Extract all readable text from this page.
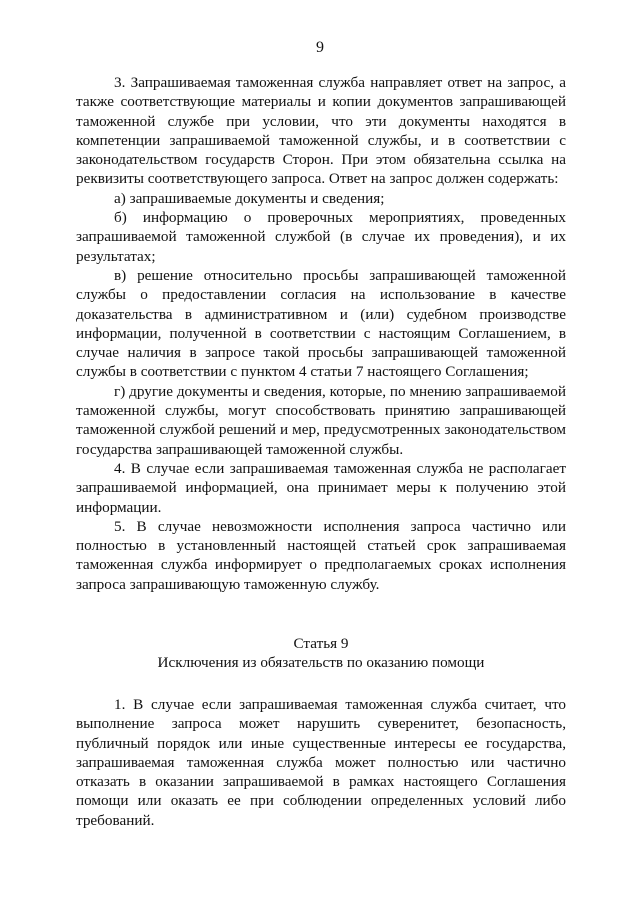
9

3. Запрашиваемая таможенная служба направляет ответ на запрос, а также соответствующие материалы и копии документов запрашивающей таможенной службе при условии, что эти документы находятся в компетенции запрашиваемой таможенной службы, и в соответствии с законодательством государств Сторон. При этом обязательна ссылка на реквизиты соответствующего запроса. Ответ на запрос должен содержать:

а) запрашиваемые документы и сведения;

б) информацию о проверочных мероприятиях, проведенных запрашиваемой таможенной службой (в случае их проведения), и их результатах;

в) решение относительно просьбы запрашивающей таможенной службы о предоставлении согласия на использование в качестве доказательства в административном и (или) судебном производстве информации, полученной в соответствии с настоящим Соглашением, в случае наличия в запросе такой просьбы запрашивающей таможенной службы в соответствии с пунктом 4 статьи 7 настоящего Соглашения;

г) другие документы и сведения, которые, по мнению запрашиваемой таможенной службы, могут способствовать принятию запрашивающей таможенной службой решений и мер, предусмотренных законодательством государства запрашивающей таможенной службы.

4. В случае если запрашиваемая таможенная служба не располагает запрашиваемой информацией, она принимает меры к получению этой информации.

5. В случае невозможности исполнения запроса частично или полностью в установленный настоящей статьей срок запрашиваемая таможенная служба информирует о предполагаемых сроках исполнения запроса запрашивающую таможенную службу.

Статья 9

Исключения из обязательств по оказанию помощи

1. В случае если запрашиваемая таможенная служба считает, что выполнение запроса может нарушить суверенитет, безопасность, публичный порядок или иные существенные интересы ее государства, запрашиваемая таможенная служба может полностью или частично отказать в оказании запрашиваемой в рамках настоящего Соглашения помощи или оказать ее при соблюдении определенных условий либо требований.
